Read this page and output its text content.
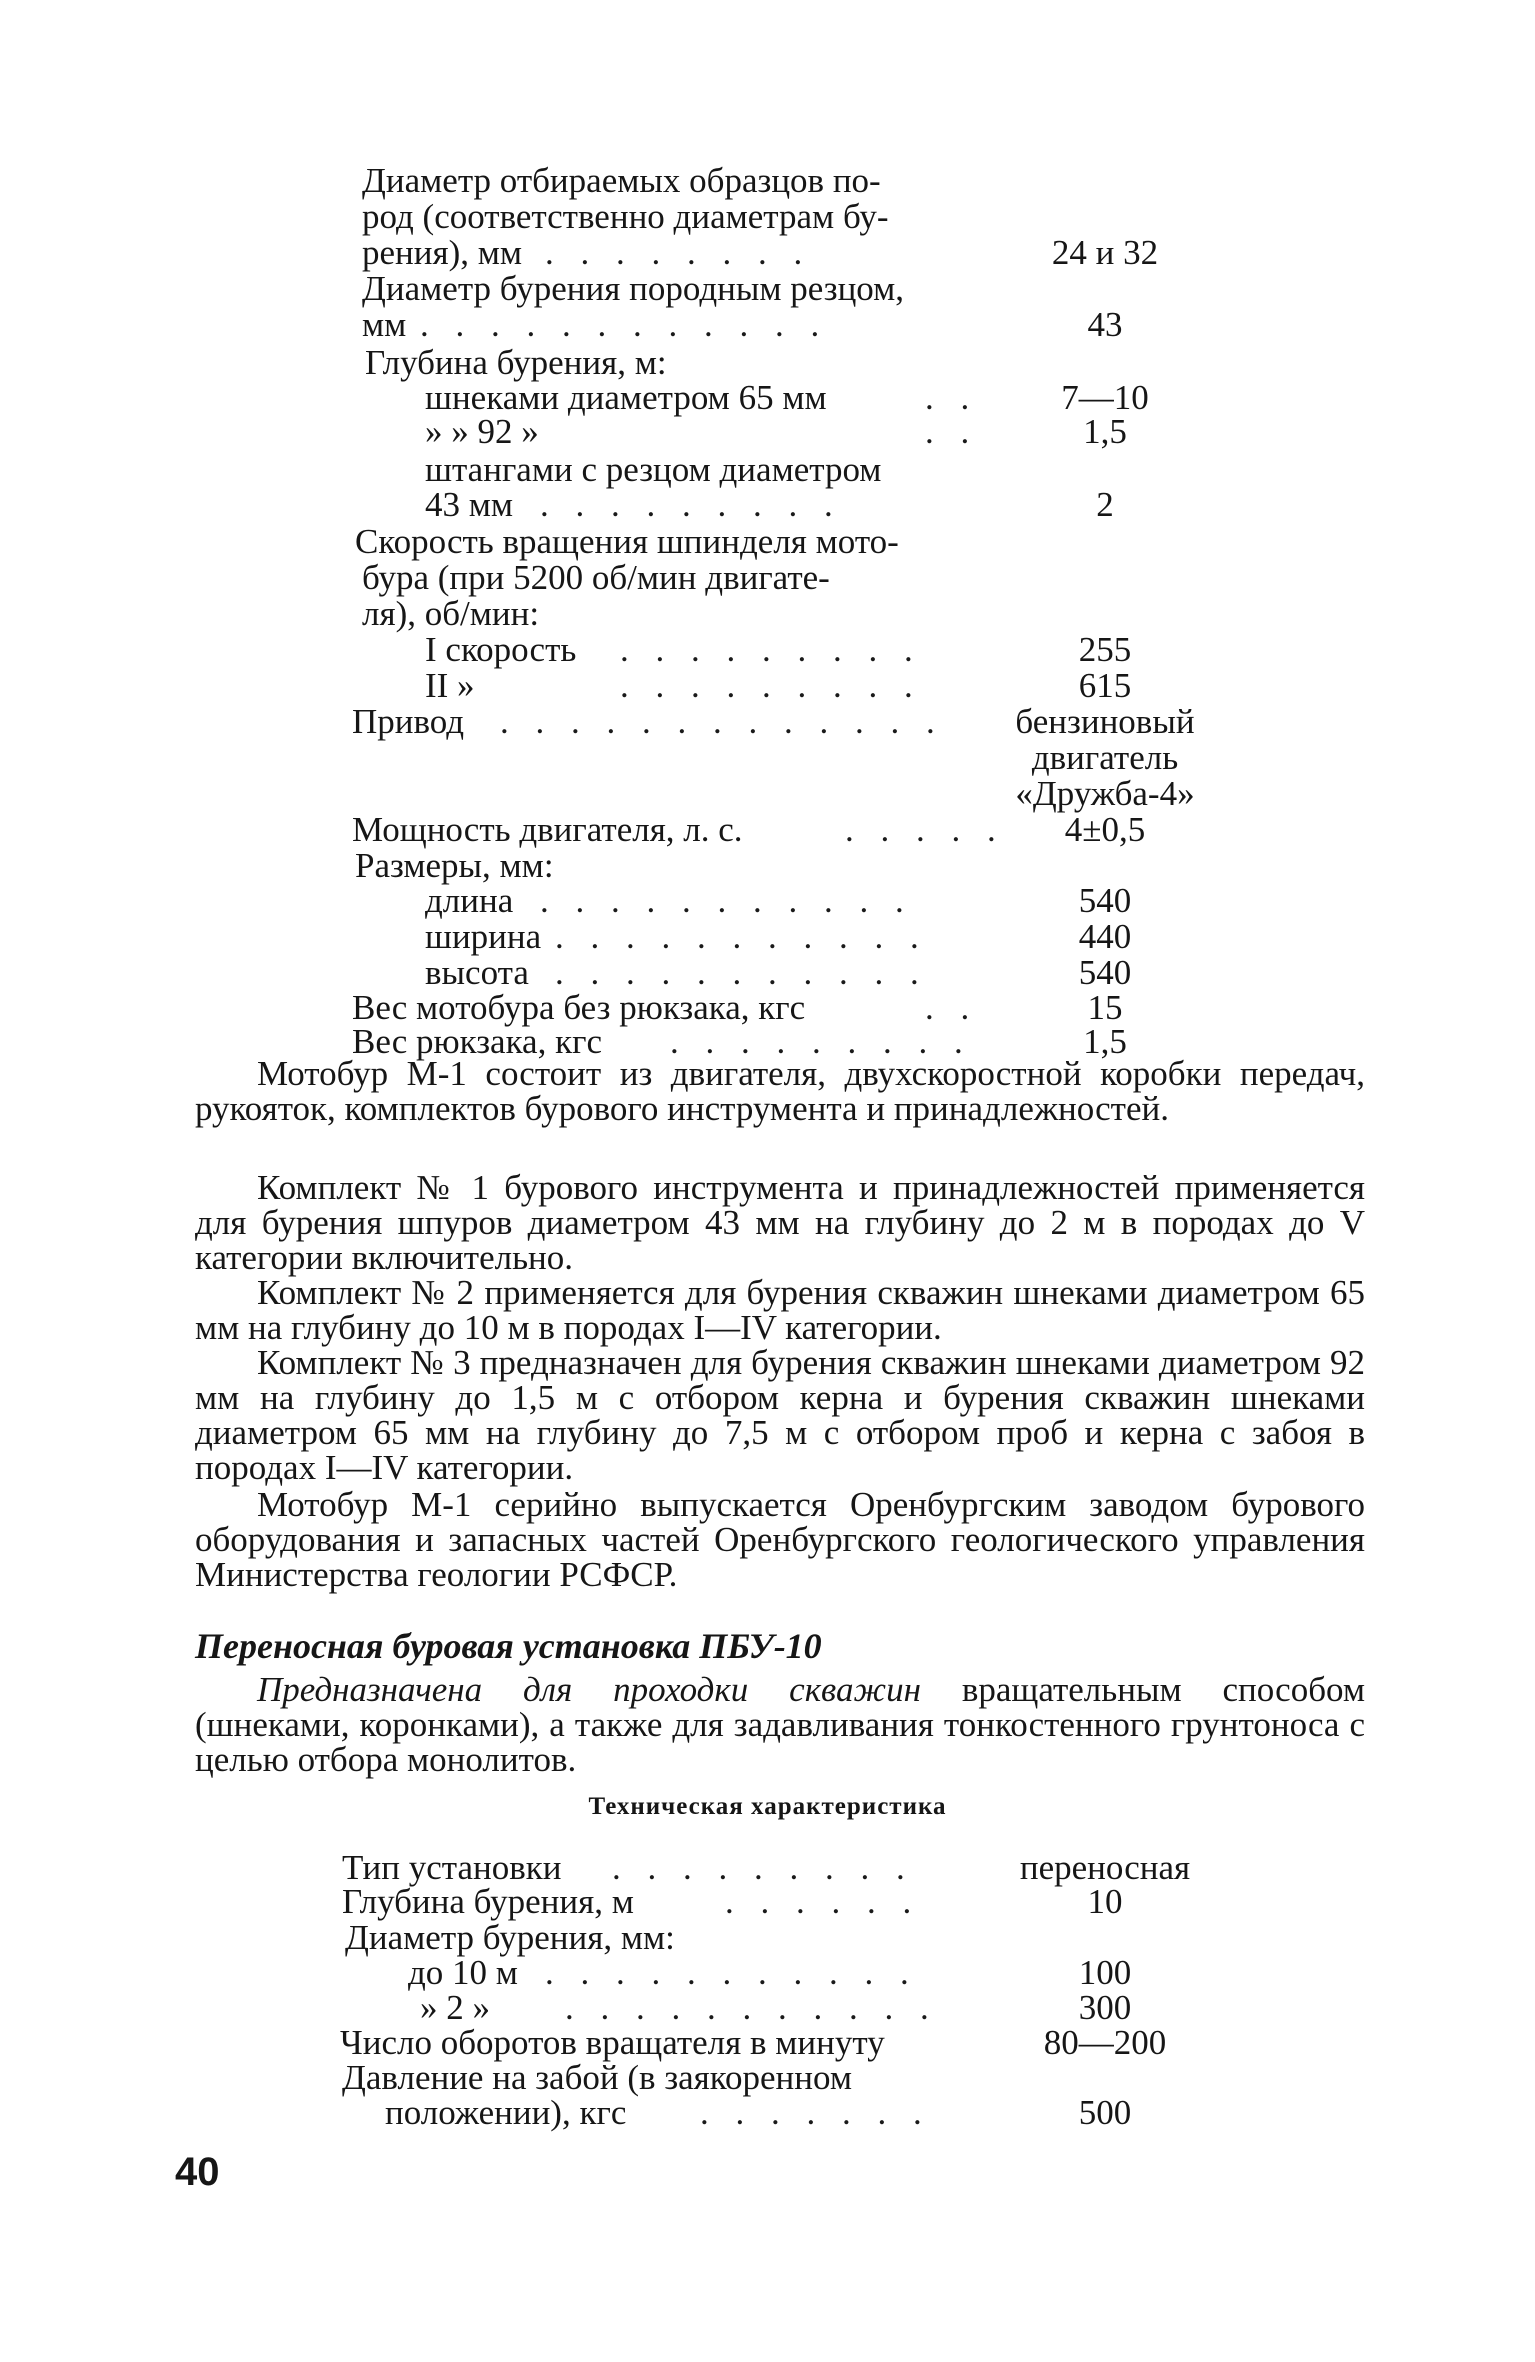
Диаметр отбираемых образцов по-
род (соответственно диаметрам бу-
рения), мм . . . . . . . .	24 и 32
Диаметр бурения породным резцом,
мм . . . . . . . . . . . .	43
Глубина бурения, м:
шнеками диаметром 65 мм	. .	7—10
» » 92 »	. .	1,5
штангами с резцом диаметром
43 мм . . . . . . . . .	2
Скорость вращения шпинделя мото-
бура (при 5200 об/мин двигате-
ля), об/мин:
I скорость . . . . . . . . .	255
II »	. . . . . . . . .	615
Привод . . . . . . . . . . . . . бензиновый
двигатель
«Дружба-4»
Мощность двигателя, л. с.	. . . . .	4±0,5
Размеры, мм:
длина . . . . . . . . . . .	540
ширина . . . . . . . . . . .	440
высота . . . . . . . . . . .	540
Вес мотобура без рюкзака, кгс	. .	15
Вес рюкзака, кгс . . . . . . . . .	1,5

Мотобур М-1 состоит из двигателя, двухскоростной коробки передач, рукояток, комплектов бурового инструмента и принадлежностей.

Комплект № 1 бурового инструмента и принадлежностей применяется для бурения шпуров диаметром 43 мм на глубину до 2 м в породах до V категории включительно.

Комплект № 2 применяется для бурения скважин шнеками диаметром 65 мм на глубину до 10 м в породах I—IV категории.

Комплект № 3 предназначен для бурения скважин шнеками диаметром 92 мм на глубину до 1,5 м с отбором керна и бурения скважин шнеками диаметром 65 мм на глубину до 7,5 м с отбором проб и керна с забоя в породах I—IV категории.

Мотобур М-1 серийно выпускается Оренбургским заводом бурового оборудования и запасных частей Оренбургского геологического управления Министерства геологии РСФСР.

Переносная буровая установка ПБУ-10

Предназначена для проходки скважин вращательным способом (шнеками, коронками), а также для задавливания тонкостенного грунтоноса с целью отбора монолитов.

Техническая характеристика
Тип установки . . . . . . . . .	переносная
Глубина бурения, м	. . . . . .	10
Диаметр бурения, мм:
до 10 м . . . . . . . . . . .	100
» 2 » . . . . . . . . . . .	300
Число оборотов вращателя в минуту	80—200
Давление на забой (в заякоренном
положении), кгс . . . . . . .	500
40
